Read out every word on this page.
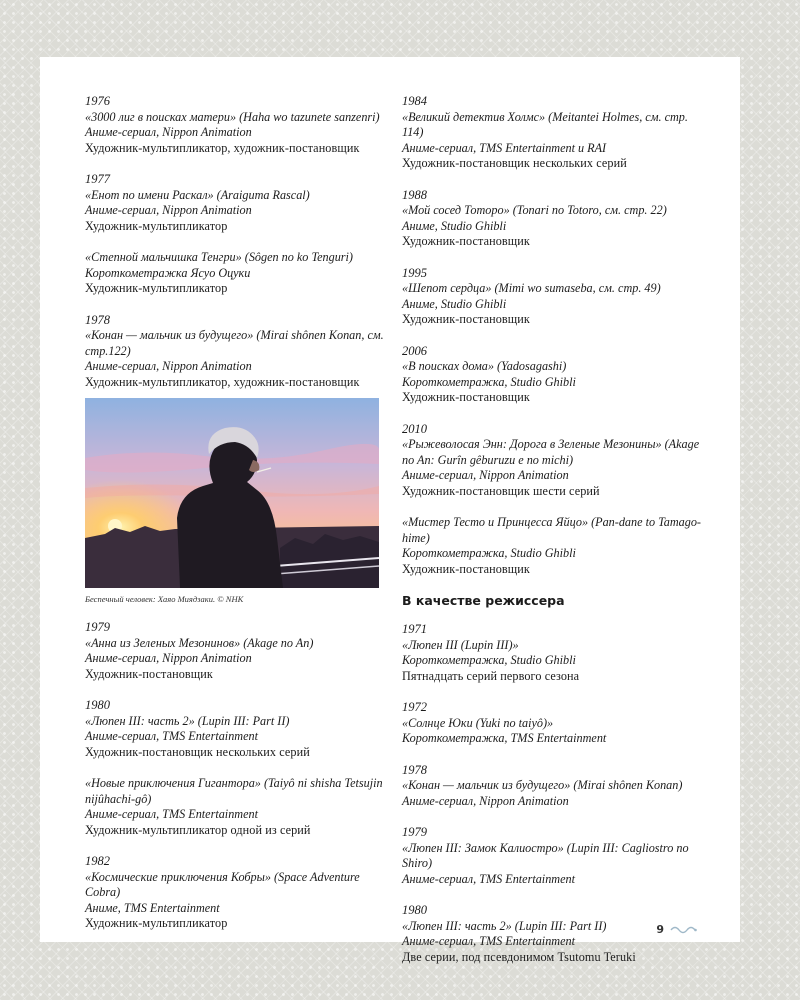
1976
«3000 лиг в поисках матери» (Haha wo tazunete sanzenri)
Аниме-сериал, Nippon Animation
Художник-мультипликатор, художник-постановщик
1977
«Енот по имени Раскал» (Araiguma Rascal)
Аниме-сериал, Nippon Animation
Художник-мультипликатор
«Степной мальчишка Тенгри» (Sôgen no ko Tenguri)
Короткометражка Ясуо Оцуки
Художник-мультипликатор
1978
«Конан — мальчик из будущего» (Mirai shônen Konan, см. стр.122)
Аниме-сериал, Nippon Animation
Художник-мультипликатор, художник-постановщик
Беспечный человек: Хаяо Миядзаки. © NHK
1979
«Анна из Зеленых Мезонинов» (Akage no An)
Аниме-сериал, Nippon Animation
Художник-постановщик
1980
«Люпен III: часть 2» (Lupin III: Part II)
Аниме-сериал, TMS Entertainment
Художник-постановщик нескольких серий
«Новые приключения Гигантора» (Taiyô ni shisha Tetsujin nijûhachi-gô)
Аниме-сериал, TMS Entertainment
Художник-мультипликатор одной из серий
1982
«Космические приключения Кобры» (Space Adventure Cobra)
Аниме, TMS Entertainment
Художник-мультипликатор
1984
«Великий детектив Холмс» (Meitantei Holmes, см. стр. 114)
Аниме-сериал, TMS Entertainment и RAI
Художник-постановщик нескольких серий
1988
«Мой сосед Тоторо» (Tonari no Totoro, см. стр. 22)
Аниме, Studio Ghibli
Художник-постановщик
1995
«Шепот сердца» (Mimi wo sumaseba, см. стр. 49)
Аниме, Studio Ghibli
Художник-постановщик
2006
«В поисках дома» (Yadosagashi)
Короткометражка, Studio Ghibli
Художник-постановщик
2010
«Рыжеволосая Энн: Дорога в Зеленые Мезонины» (Akage no An: Gurîn gêburuzu e no michi)
Аниме-сериал, Nippon Animation
Художник-постановщик шести серий
«Мистер Тесто и Принцесса Яйцо» (Pan-dane to Tamago-hime)
Короткометражка, Studio Ghibli
Художник-постановщик
В качестве режиссера
1971
«Люпен III (Lupin III)»
Короткометражка, Studio Ghibli
Пятнадцать серий первого сезона
1972
«Солнце Юки (Yuki no taiyô)»
Короткометражка, TMS Entertainment
1978
«Конан — мальчик из будущего» (Mirai shônen Konan)
Аниме-сериал, Nippon Animation
1979
«Люпен III: Замок Калиостро» (Lupin III: Cagliostro no Shiro)
Аниме-сериал, TMS Entertainment
1980
«Люпен III: часть 2» (Lupin III: Part II)
Аниме-сериал, TMS Entertainment
Две серии, под псевдонимом Tsutomu Teruki
9
